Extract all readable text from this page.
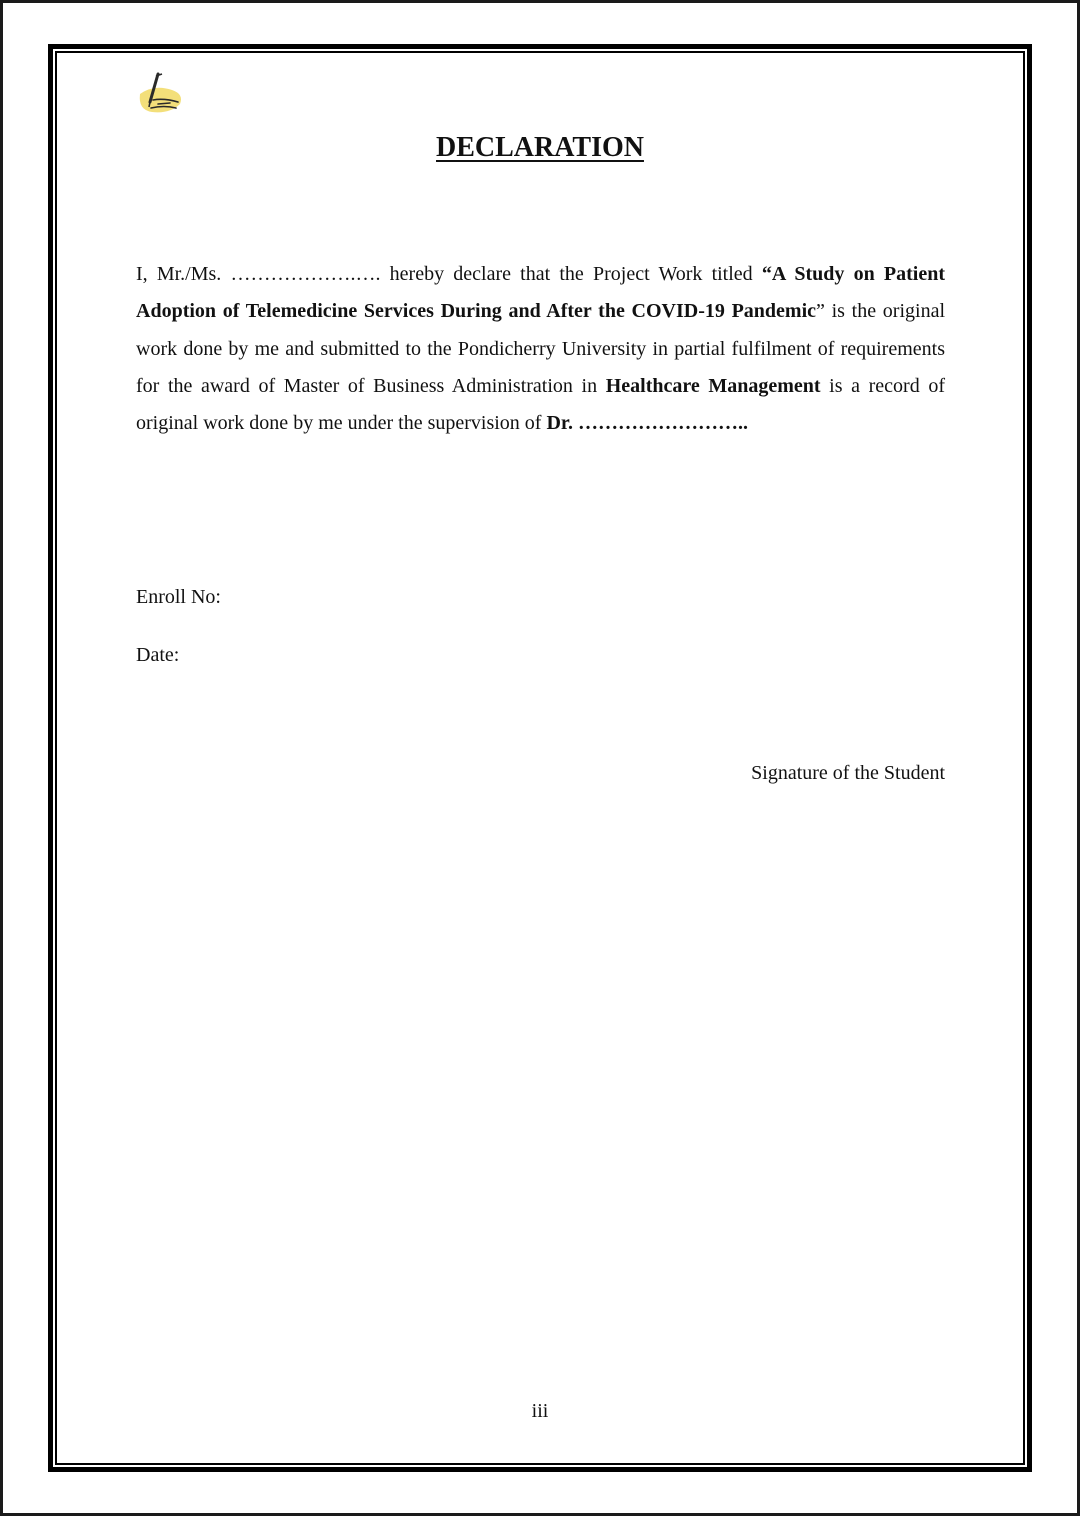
DECLARATION

I, Mr./Ms. ……………….…. hereby declare that the Project Work titled “A Study on Patient Adoption of Telemedicine Services During and After the COVID-19 Pandemic” is the original work done by me and submitted to the Pondicherry University in partial fulfilment of requirements for the award of Master of Business Administration in Healthcare Management is a record of original work done by me under the supervision of Dr. ……………………..

Enroll No:

Date:

Signature of the Student

iii
